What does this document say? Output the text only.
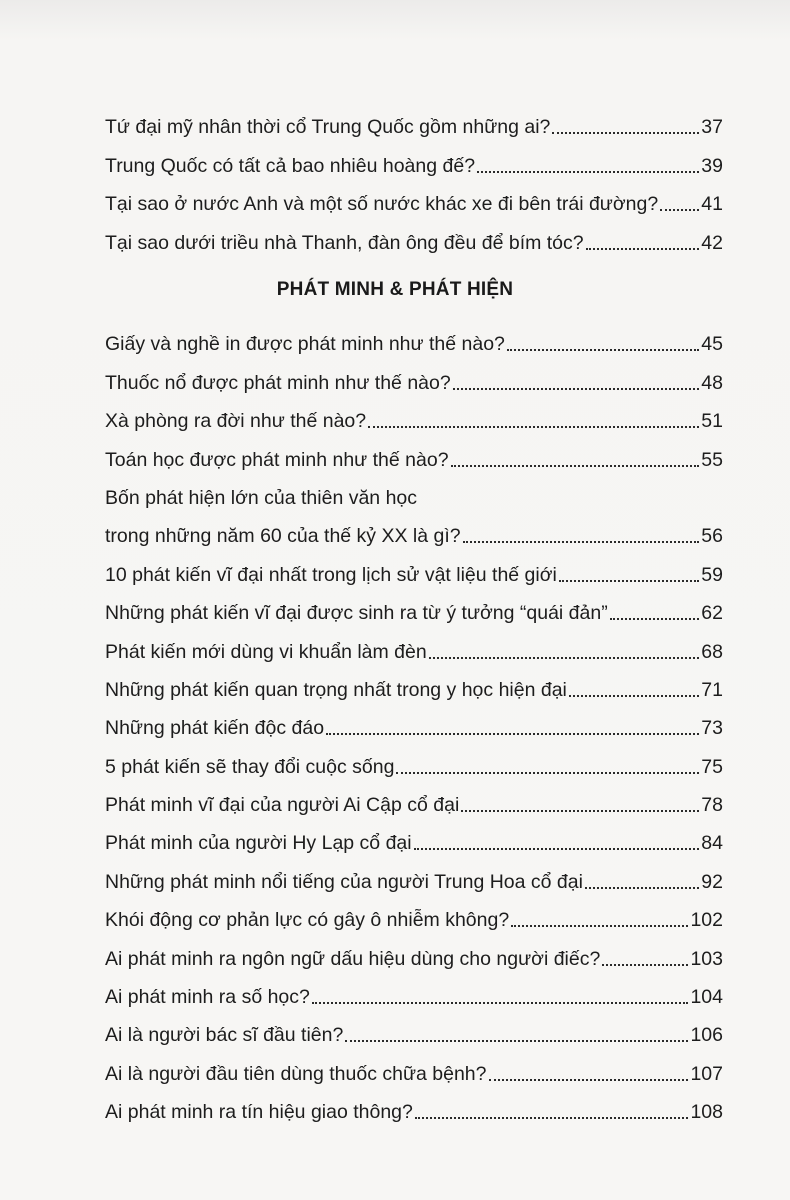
Tứ đại mỹ nhân thời cổ Trung Quốc gồm những ai?	37
Trung Quốc có tất cả bao nhiêu hoàng đế?	39
Tại sao ở nước Anh và một số nước khác xe đi bên trái đường? 41
Tại sao dưới triều nhà Thanh, đàn ông đều để bím tóc?	42
PHÁT MINH & PHÁT HIỆN
Giấy và nghề in được phát minh như thế nào?	45
Thuốc nổ được phát minh như thế nào?	48
Xà phòng ra đời như thế nào?	51
Toán học được phát minh như thế nào?	55
Bốn phát hiện lớn của thiên văn học
trong những năm 60 của thế kỷ XX là gì?	56
10 phát kiến vĩ đại nhất trong lịch sử vật liệu thế giới	59
Những phát kiến vĩ đại được sinh ra từ ý tưởng “quái đản”	62
Phát kiến mới dùng vi khuẩn làm đèn	68
Những phát kiến quan trọng nhất trong y học hiện đại	71
Những phát kiến độc đáo	73
5 phát kiến sẽ thay đổi cuộc sống	75
Phát minh vĩ đại của người Ai Cập cổ đại	78
Phát minh của người Hy Lạp cổ đại	84
Những phát minh nổi tiếng của người Trung Hoa cổ đại	92
Khói động cơ phản lực có gây ô nhiễm không?	102
Ai phát minh ra ngôn ngữ dấu hiệu dùng cho người điếc?	103
Ai phát minh ra số học?	104
Ai là người bác sĩ đầu tiên?	106
Ai là người đầu tiên dùng thuốc chữa bệnh?	107
Ai phát minh ra tín hiệu giao thông?	108
